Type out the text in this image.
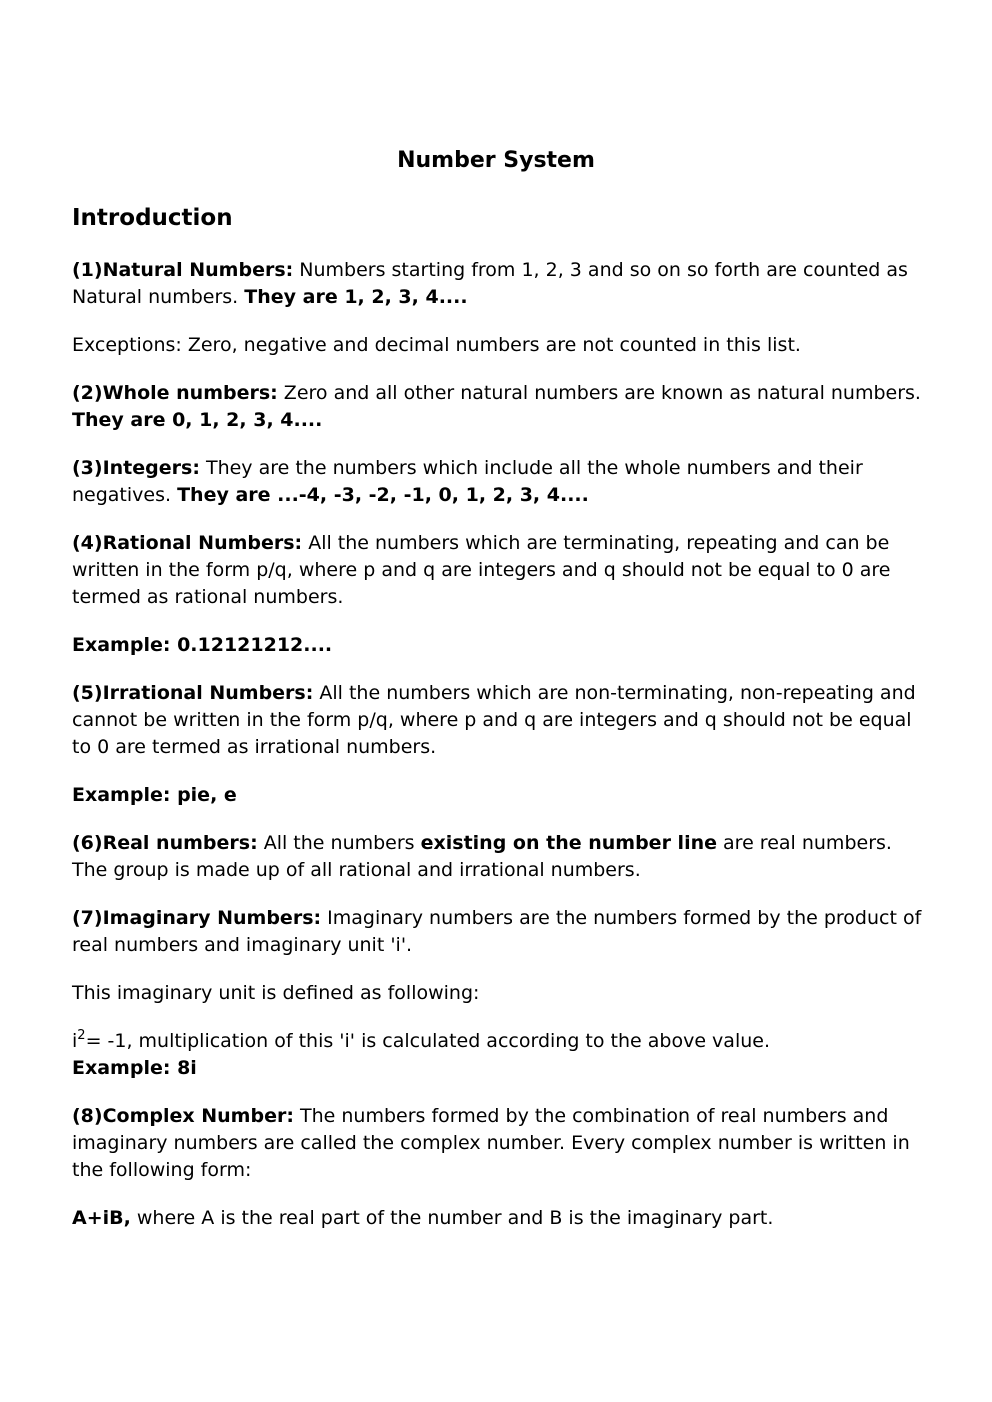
Number System
Introduction

(1)Natural Numbers: Numbers starting from 1, 2, 3 and so on so forth are counted as Natural numbers. They are 1, 2, 3, 4....

Exceptions: Zero, negative and decimal numbers are not counted in this list.

(2)Whole numbers: Zero and all other natural numbers are known as natural numbers. They are 0, 1, 2, 3, 4....

(3)Integers: They are the numbers which include all the whole numbers and their negatives. They are ...-4, -3, -2, -1, 0, 1, 2, 3, 4....

(4)Rational Numbers: All the numbers which are terminating, repeating and can be written in the form p/q, where p and q are integers and q should not be equal to 0 are termed as rational numbers.

Example: 0.12121212....

(5)Irrational Numbers: All the numbers which are non-terminating, non-repeating and cannot be written in the form p/q, where p and q are integers and q should not be equal to 0 are termed as irrational numbers.

Example: pie, e

(6)Real numbers: All the numbers existing on the number line are real numbers. The group is made up of all rational and irrational numbers.

(7)Imaginary Numbers: Imaginary numbers are the numbers formed by the product of real numbers and imaginary unit 'i'.

This imaginary unit is defined as following:

$i^2= -1$, multiplication of this 'i' is calculated according to the above value. Example: 8i

(8)Complex Number: The numbers formed by the combination of real numbers and imaginary numbers are called the complex number. Every complex number is written in the following form:

A+iB, where A is the real part of the number and B is the imaginary part.
